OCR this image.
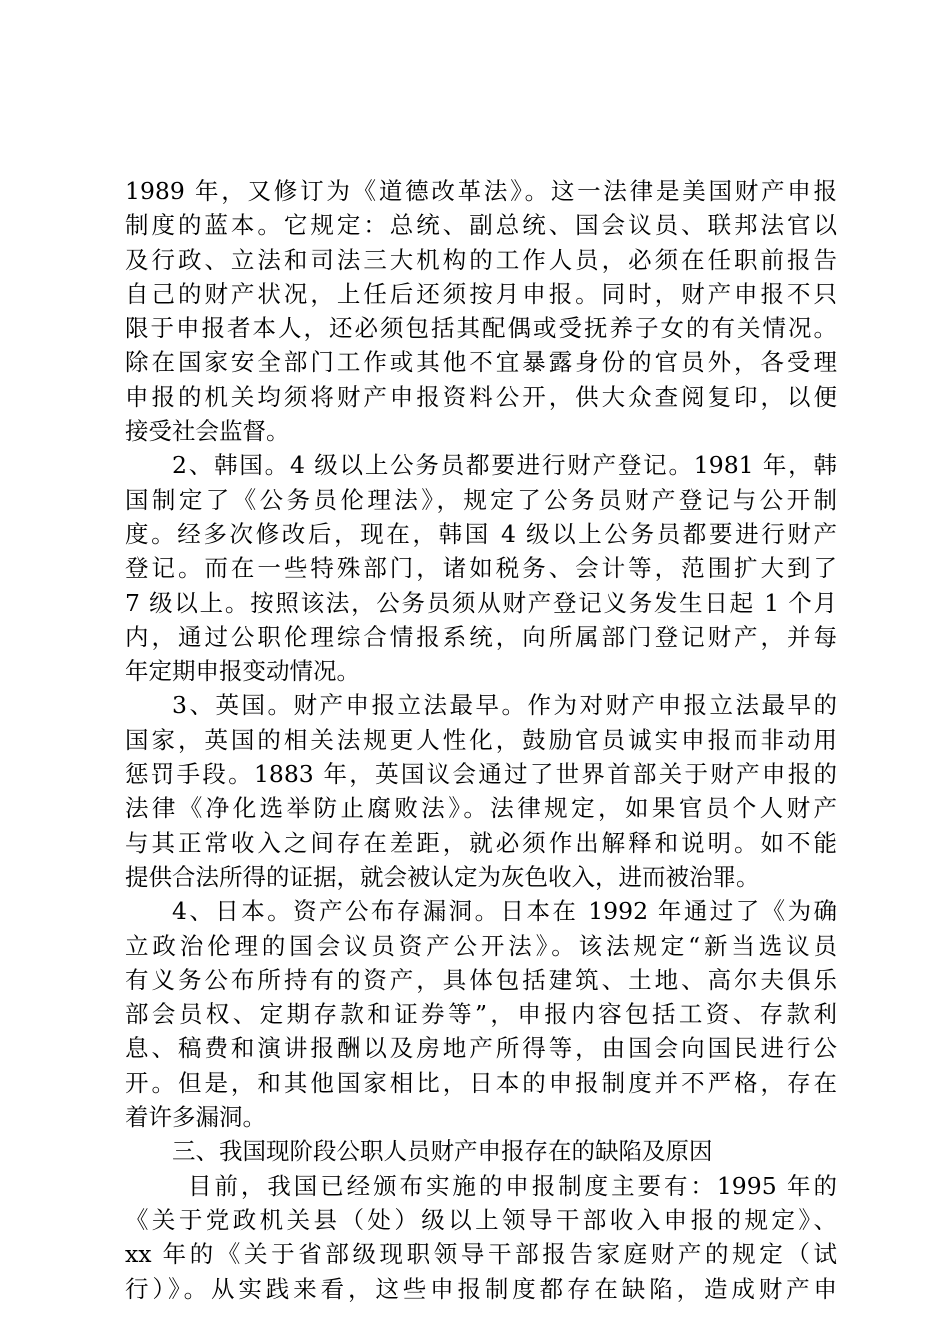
1989 年，又修订为《道德改革法》。这一法律是美国财产申报
制度的蓝本。它规定：总统、副总统、国会议员、联邦法官以
及行政、立法和司法三大机构的工作人员，必须在任职前报告
自己的财产状况，上任后还须按月申报。同时，财产申报不只
限于申报者本人，还必须包括其配偶或受抚养子女的有关情况。
除在国家安全部门工作或其他不宜暴露身份的官员外，各受理
申报的机关均须将财产申报资料公开，供大众查阅复印，以便
接受社会监督。
2、韩国。4 级以上公务员都要进行财产登记。1981 年，韩
国制定了《公务员伦理法》，规定了公务员财产登记与公开制
度。经多次修改后，现在，韩国 4 级以上公务员都要进行财产
登记。而在一些特殊部门，诸如税务、会计等，范围扩大到了
7 级以上。按照该法，公务员须从财产登记义务发生日起 1 个月
内，通过公职伦理综合情报系统，向所属部门登记财产，并每
年定期申报变动情况。
3、英国。财产申报立法最早。作为对财产申报立法最早的
国家，英国的相关法规更人性化，鼓励官员诚实申报而非动用
惩罚手段。1883 年，英国议会通过了世界首部关于财产申报的
法律《净化选举防止腐败法》。法律规定，如果官员个人财产
与其正常收入之间存在差距，就必须作出解释和说明。如不能
提供合法所得的证据，就会被认定为灰色收入，进而被治罪。
4、日本。资产公布存漏洞。日本在 1992 年通过了《为确
立政治伦理的国会议员资产公开法》。该法规定“新当选议员
有义务公布所持有的资产，具体包括建筑、土地、高尔夫俱乐
部会员权、定期存款和证券等”，申报内容包括工资、存款利
息、稿费和演讲报酬以及房地产所得等，由国会向国民进行公
开。但是，和其他国家相比，日本的申报制度并不严格，存在
着许多漏洞。
三、我国现阶段公职人员财产申报存在的缺陷及原因
目前，我国已经颁布实施的申报制度主要有：1995 年的
《关于党政机关县（处）级以上领导干部收入申报的规定》、
xx 年的《关于省部级现职领导干部报告家庭财产的规定（试
行）》。从实践来看，这些申报制度都存在缺陷，造成财产申
